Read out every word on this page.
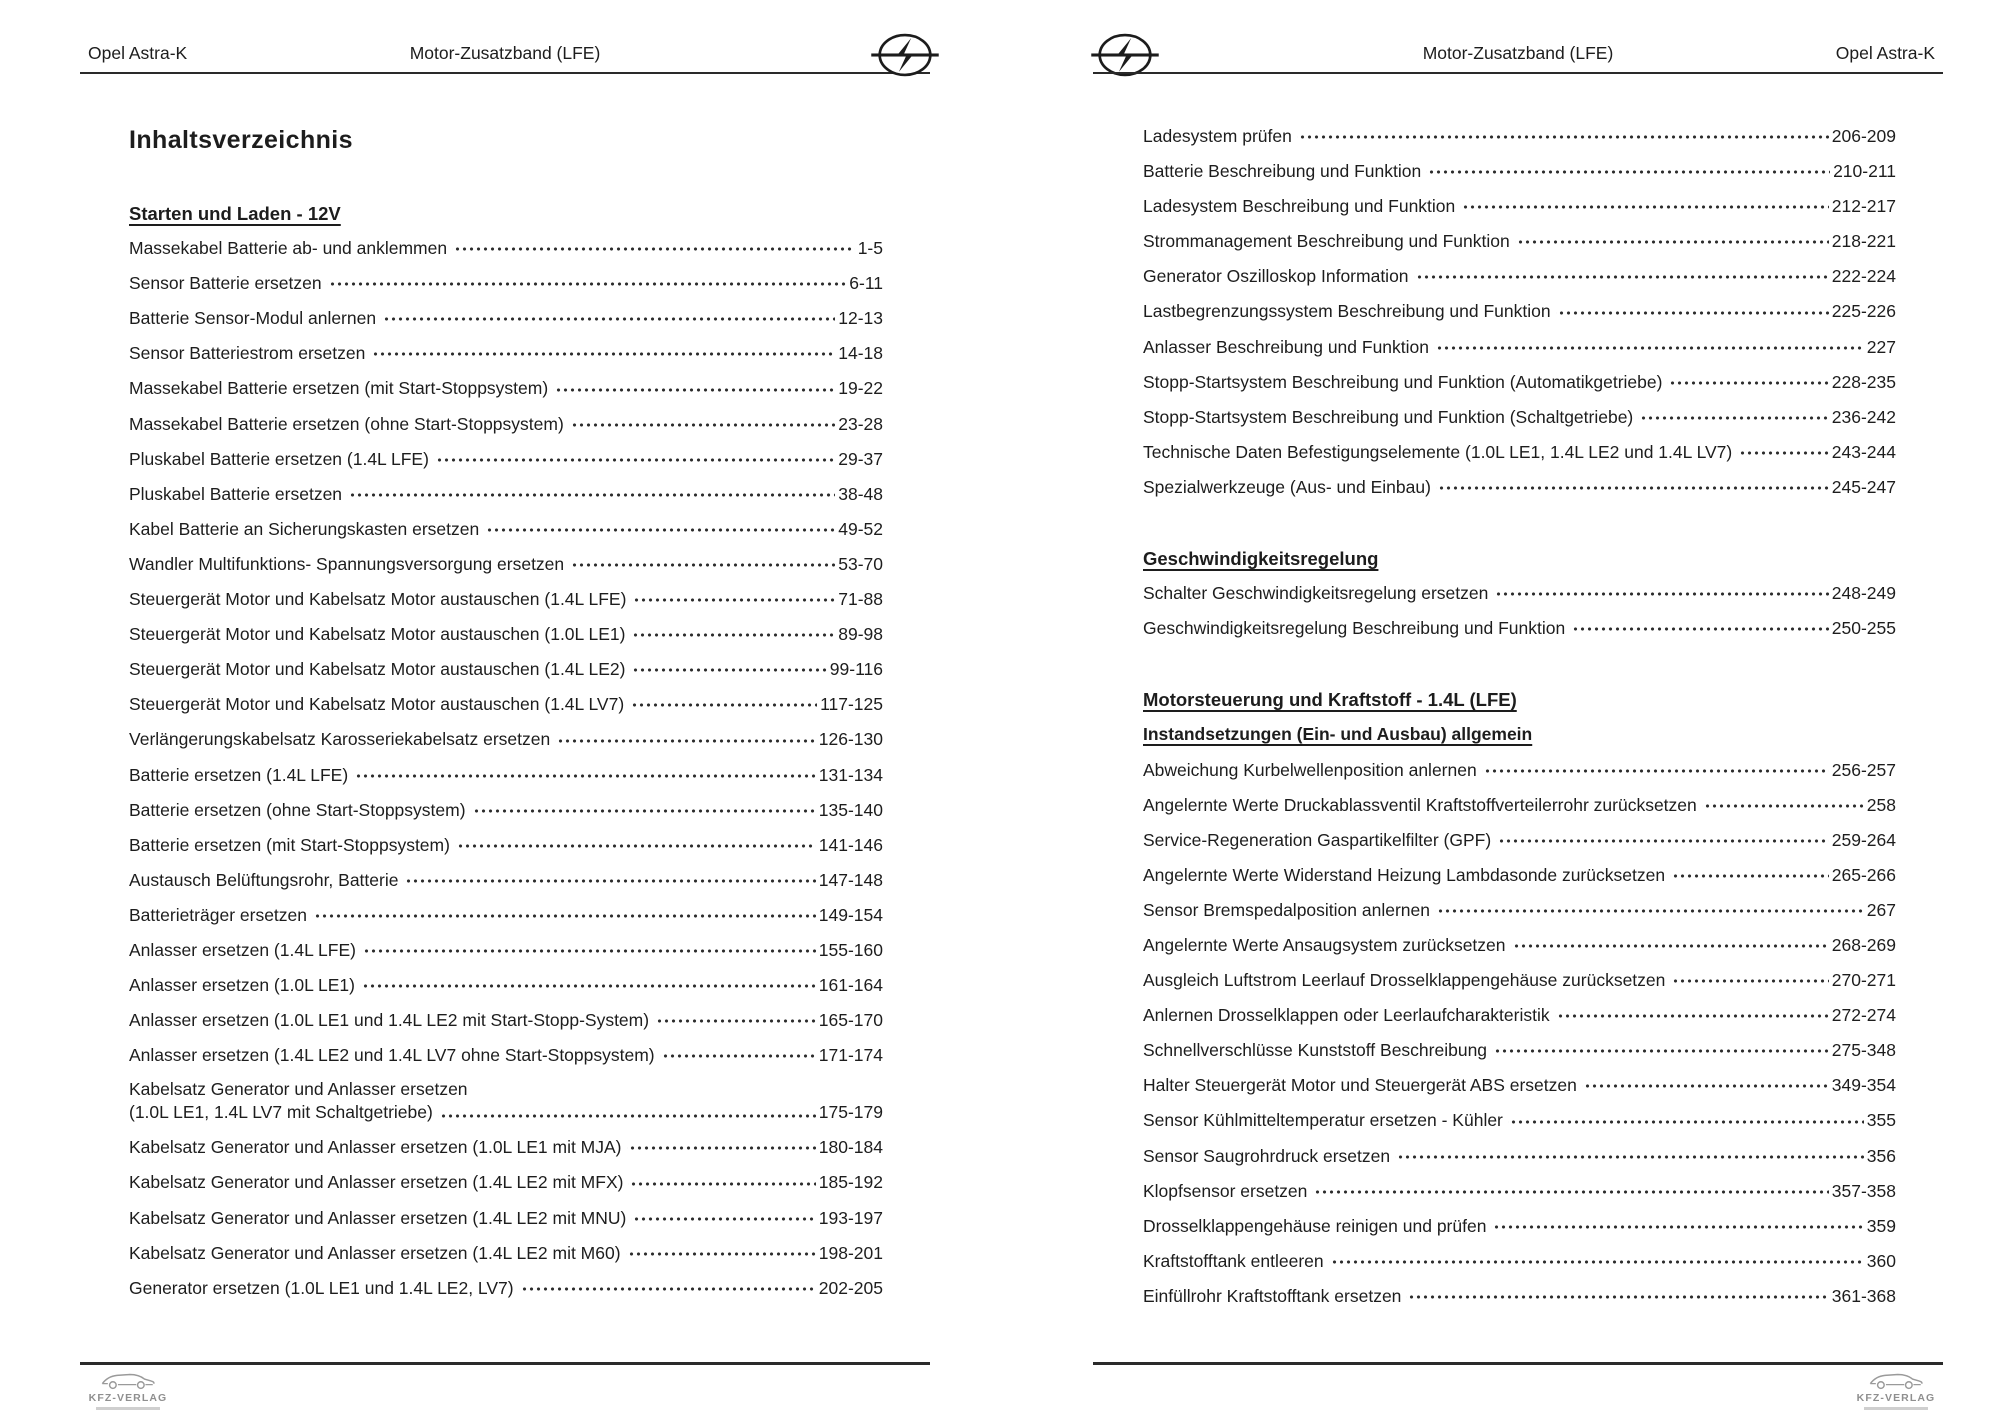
Opel Astra-K	Motor-Zusatzband (LFE)	Motor-Zusatzband (LFE)	Opel Astra-K
Inhaltsverzeichnis
Starten und Laden - 12V
Massekabel Batterie ab- und anklemmen	1-5
Sensor Batterie ersetzen	6-11
Batterie Sensor-Modul anlernen	12-13
Sensor Batteriestrom ersetzen	14-18
Massekabel Batterie ersetzen (mit Start-Stoppsystem)	19-22
Massekabel Batterie ersetzen (ohne Start-Stoppsystem)	23-28
Pluskabel Batterie ersetzen (1.4L LFE)	29-37
Pluskabel Batterie ersetzen	38-48
Kabel Batterie an Sicherungskasten ersetzen	49-52
Wandler Multifunktions- Spannungsversorgung ersetzen	53-70
Steuergerät Motor und Kabelsatz Motor austauschen (1.4L LFE)	71-88
Steuergerät Motor und Kabelsatz Motor austauschen (1.0L LE1)	89-98
Steuergerät Motor und Kabelsatz Motor austauschen (1.4L LE2)	99-116
Steuergerät Motor und Kabelsatz Motor austauschen (1.4L LV7)	117-125
Verlängerungskabelsatz Karosseriekabelsatz ersetzen	126-130
Batterie ersetzen (1.4L LFE)	131-134
Batterie ersetzen (ohne Start-Stoppsystem)	135-140
Batterie ersetzen (mit Start-Stoppsystem)	141-146
Austausch Belüftungsrohr, Batterie	147-148
Batterieträger ersetzen	149-154
Anlasser ersetzen (1.4L LFE)	155-160
Anlasser ersetzen (1.0L LE1)	161-164
Anlasser ersetzen (1.0L LE1 und 1.4L LE2 mit Start-Stopp-System)	165-170
Anlasser ersetzen (1.4L LE2 und 1.4L LV7 ohne Start-Stoppsystem)	171-174
Kabelsatz Generator und Anlasser ersetzen
(1.0L LE1, 1.4L LV7 mit Schaltgetriebe)	175-179
Kabelsatz Generator und Anlasser ersetzen (1.0L LE1 mit MJA)	180-184
Kabelsatz Generator und Anlasser ersetzen (1.4L LE2 mit MFX)	185-192
Kabelsatz Generator und Anlasser ersetzen (1.4L LE2 mit MNU)	193-197
Kabelsatz Generator und Anlasser ersetzen (1.4L LE2 mit M60)	198-201
Generator ersetzen (1.0L LE1 und 1.4L LE2, LV7)	202-205
Ladesystem prüfen	206-209
Batterie Beschreibung und Funktion	210-211
Ladesystem Beschreibung und Funktion	212-217
Strommanagement Beschreibung und Funktion	218-221
Generator Oszilloskop Information	222-224
Lastbegrenzungssystem Beschreibung und Funktion	225-226
Anlasser Beschreibung und Funktion	227
Stopp-Startsystem Beschreibung und Funktion (Automatikgetriebe)	228-235
Stopp-Startsystem Beschreibung und Funktion (Schaltgetriebe)	236-242
Technische Daten Befestigungselemente (1.0L LE1, 1.4L LE2 und 1.4L LV7)	243-244
Spezialwerkzeuge (Aus- und Einbau)	245-247
Geschwindigkeitsregelung
Schalter Geschwindigkeitsregelung ersetzen	248-249
Geschwindigkeitsregelung Beschreibung und Funktion	250-255
Motorsteuerung und Kraftstoff - 1.4L (LFE)
Instandsetzungen (Ein- und Ausbau) allgemein
Abweichung Kurbelwellenposition anlernen	256-257
Angelernte Werte Druckablassventil Kraftstoffverteilerrohr zurücksetzen	258
Service-Regeneration Gaspartikelfilter (GPF)	259-264
Angelernte Werte Widerstand Heizung Lambdasonde zurücksetzen	265-266
Sensor Bremspedalposition anlernen	267
Angelernte Werte Ansaugsystem zurücksetzen	268-269
Ausgleich Luftstrom Leerlauf Drosselklappengehäuse zurücksetzen	270-271
Anlernen Drosselklappen oder Leerlaufcharakteristik	272-274
Schnellverschlüsse Kunststoff Beschreibung	275-348
Halter Steuergerät Motor und Steuergerät ABS ersetzen	349-354
Sensor Kühlmitteltemperatur ersetzen - Kühler	355
Sensor Saugrohrdruck ersetzen	356
Klopfsensor ersetzen	357-358
Drosselklappengehäuse reinigen und prüfen	359
Kraftstofftank entleeren	360
Einfüllrohr Kraftstofftank ersetzen	361-368
KFZ-VERLAG	KFZ-VERLAG
